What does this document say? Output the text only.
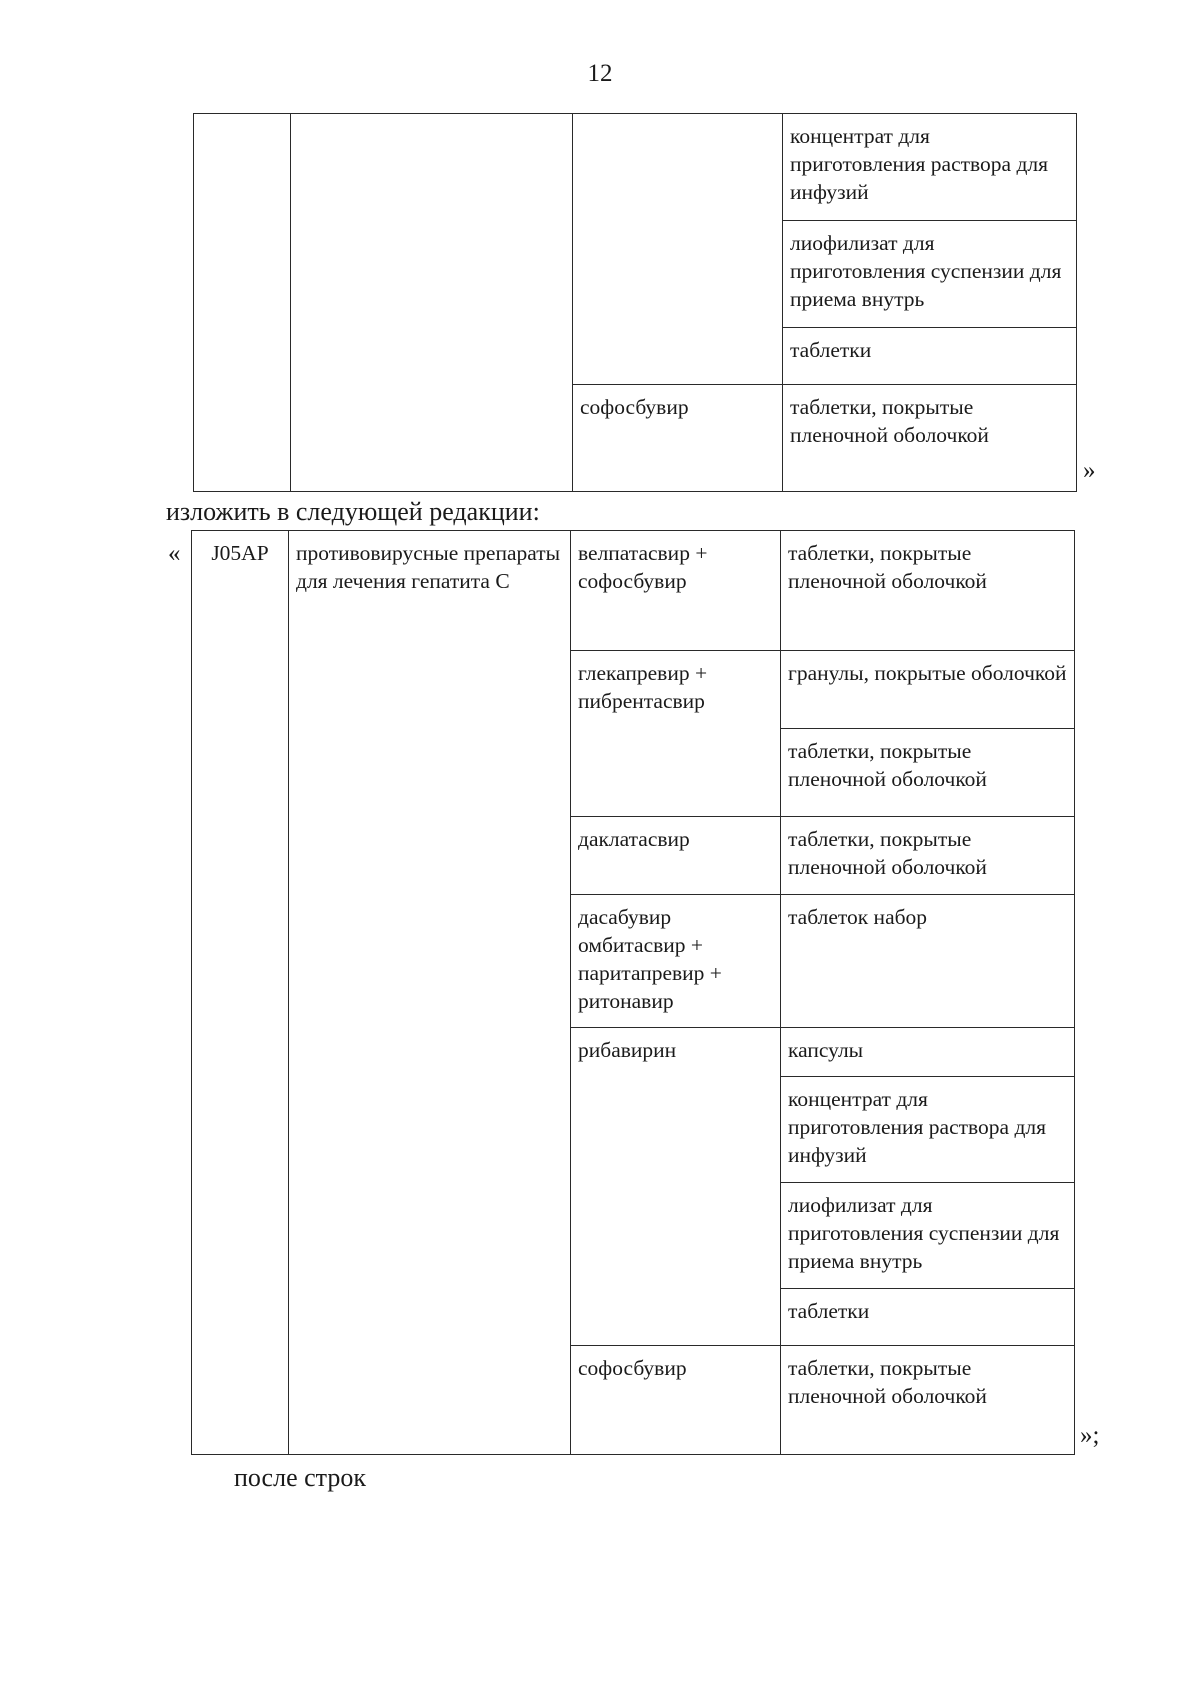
12
			концентрат для приготовления раствора для инфузий
			лиофилизат для приготовления суспензии для приема внутрь
			таблетки
		софосбувир	таблетки, покрытые пленочной оболочкой
»
изложить в следующей редакции:
« J05AP	противовирусные препараты для лечения гепатита С	велпатасвир + софосбувир	таблетки, покрытые пленочной оболочкой
		глекапревир + пибрентасвир	гранулы, покрытые оболочкой
			таблетки, покрытые пленочной оболочкой
		даклатасвир	таблетки, покрытые пленочной оболочкой
		дасабувир омбитасвир + паритапревир + ритонавир	таблеток набор
		рибавирин	капсулы
			концентрат для приготовления раствора для инфузий
			лиофилизат для приготовления суспензии для приема внутрь
			таблетки
		софосбувир	таблетки, покрытые пленочной оболочкой
»;
после строк
